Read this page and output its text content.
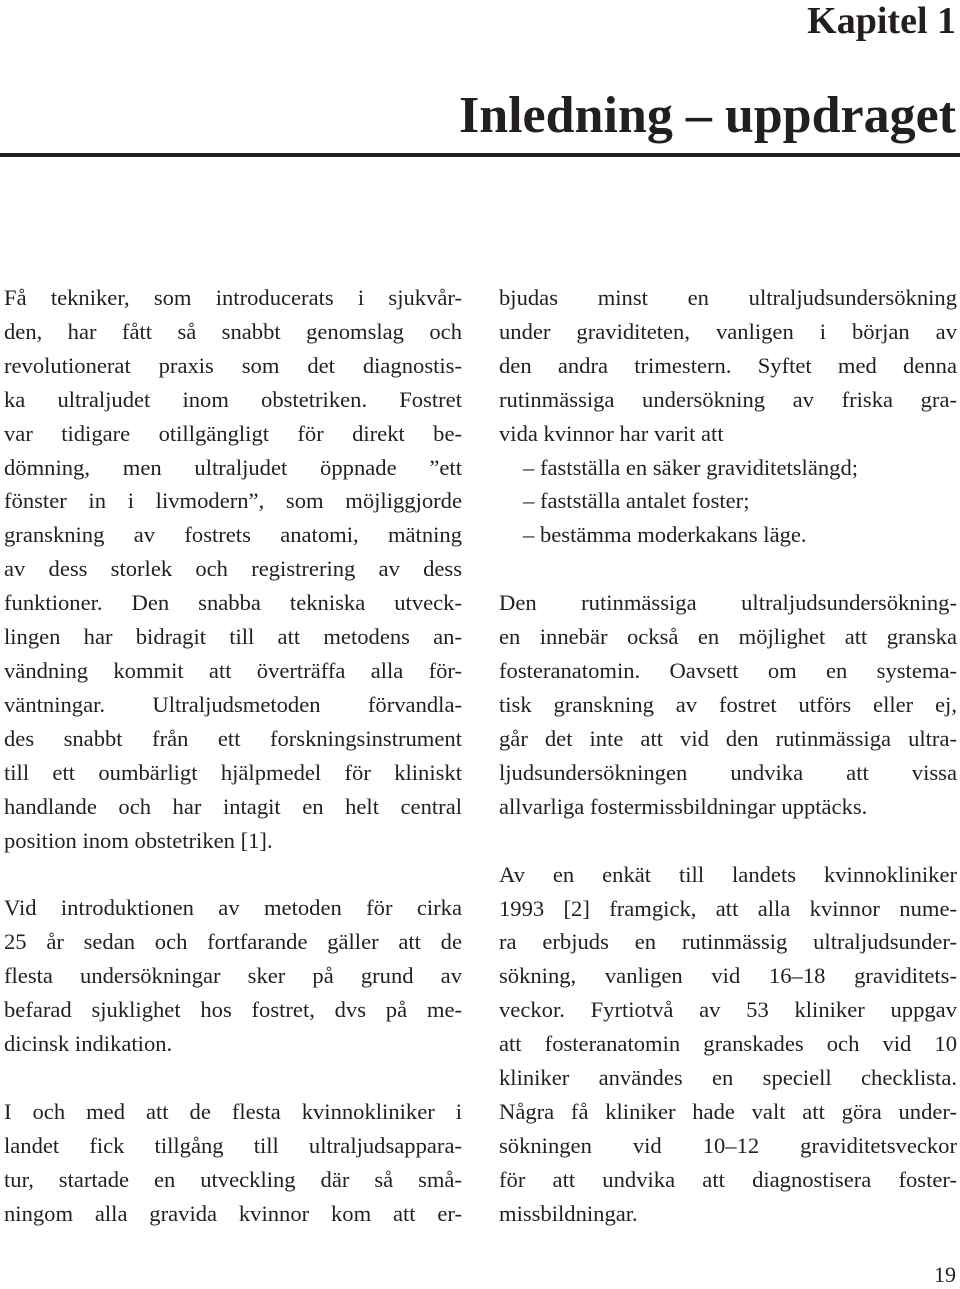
Kapitel 1
Inledning – uppdraget

Få tekniker, som introducerats i sjukvår-
den, har fått så snabbt genomslag och
revolutionerat praxis som det diagnostis-
ka ultraljudet inom obstetriken. Fostret
var tidigare otillgängligt för direkt be-
dömning, men ultraljudet öppnade ”ett
fönster in i livmodern”, som möjliggjorde
granskning av fostrets anatomi, mätning
av dess storlek och registrering av dess
funktioner. Den snabba tekniska utveck-
lingen har bidragit till att metodens an-
vändning kommit att överträffa alla för-
väntningar. Ultraljudsmetoden förvandla-
des snabbt från ett forskningsinstrument
till ett oumbärligt hjälpmedel för kliniskt
handlande och har intagit en helt central
position inom obstetriken [1].

Vid introduktionen av metoden för cirka
25 år sedan och fortfarande gäller att de
flesta undersökningar sker på grund av
befarad sjuklighet hos fostret, dvs på me-
dicinsk indikation.

I och med att de flesta kvinnokliniker i
landet fick tillgång till ultraljudsappara-
tur, startade en utveckling där så små-
ningom alla gravida kvinnor kom att er-

bjudas minst en ultraljudsundersökning
under graviditeten, vanligen i början av
den andra trimestern. Syftet med denna
rutinmässiga undersökning av friska gra-
vida kvinnor har varit att

– fastställa en säker graviditetslängd;
– fastställa antalet foster;
– bestämma moderkakans läge.

Den rutinmässiga ultraljudsundersökning-
en innebär också en möjlighet att granska
fosteranatomin. Oavsett om en systema-
tisk granskning av fostret utförs eller ej,
går det inte att vid den rutinmässiga ultra-
ljudsundersökningen undvika att vissa
allvarliga fostermissbildningar upptäcks.

Av en enkät till landets kvinnokliniker
1993 [2] framgick, att alla kvinnor nume-
ra erbjuds en rutinmässig ultraljudsunder-
sökning, vanligen vid 16–18 graviditets-
veckor. Fyrtiotvå av 53 kliniker uppgav
att fosteranatomin granskades och vid 10
kliniker användes en speciell checklista.
Några få kliniker hade valt att göra under-
sökningen vid 10–12 graviditetsveckor
för att undvika att diagnostisera foster-
missbildningar.

19
